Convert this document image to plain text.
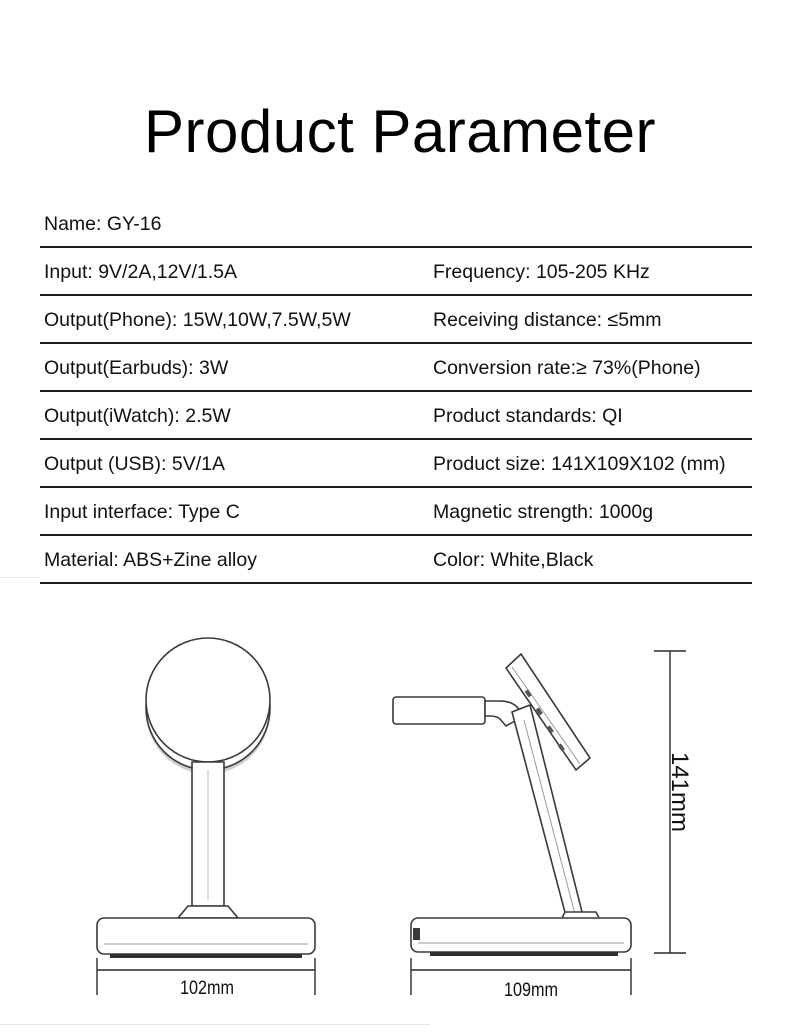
Product Parameter
Name: GY-16
Input: 9V/2A,12V/1.5A	Frequency: 105-205 KHz
Output(Phone): 15W,10W,7.5W,5W	Receiving distance: ≤5mm
Output(Earbuds): 3W	Conversion rate:≥ 73%(Phone)
Output(iWatch): 2.5W	Product standards: QI
Output (USB): 5V/1A	Product size: 141X109X102 (mm)
Input interface: Type C	Magnetic strength: 1000g
Material: ABS+Zine alloy	Color: White,Black
102mm	109mm
141mm
